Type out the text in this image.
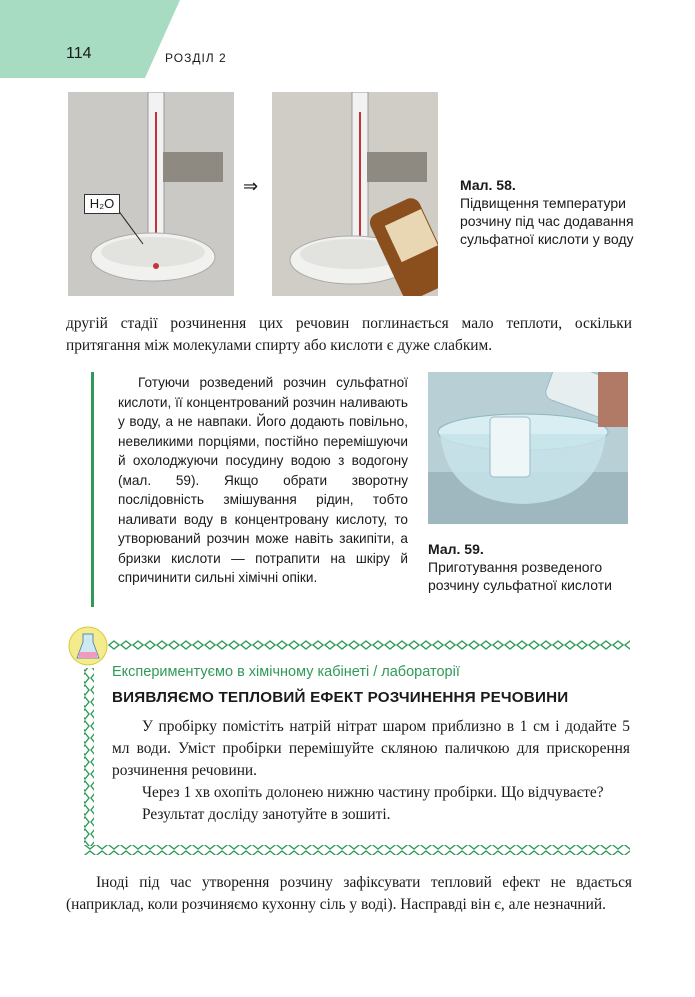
114	РОЗДІЛ 2
H₂O
⇒	Мал. 58.
Підвищення температури розчину під час додавання сульфатної кислоти у воду
другій стадії розчинення цих речовин поглинається мало теплоти, оскільки притягання між молекулами спирту або кислоти є дуже слабким.
Готуючи розведений розчин сульфатної кислоти, її концентрований розчин наливають у воду, а не навпаки. Його додають повільно, невеликими порціями, постійно перемішуючи й охолоджуючи посудину водою з водогону (мал. 59). Якщо обрати зворотну послідовність змішування рідин, тобто наливати воду в концентровану кислоту, то утворюваний розчин може навіть закипіти, а бризки кислоти — потрапити на шкіру й спричинити сильні хімічні опіки.
Мал. 59.
Приготування розведеного розчину сульфатної кислоти
Експериментуємо в хімічному кабінеті / лабораторії
ВИЯВЛЯЄМО ТЕПЛОВИЙ ЕФЕКТ РОЗЧИНЕННЯ РЕЧОВИНИ

У пробірку помістіть натрій нітрат шаром приблизно в 1 см і додайте 5 мл води. Уміст пробірки перемішуйте скляною паличкою для прискорення розчинення речовини.

Через 1 хв охопіть долонею нижню частину пробірки. Що відчуваєте?

Результат досліду занотуйте в зошиті.

Іноді під час утворення розчину зафіксувати тепловий ефект не вдається (наприклад, коли розчиняємо кухонну сіль у воді). Насправді він є, але незначний.
